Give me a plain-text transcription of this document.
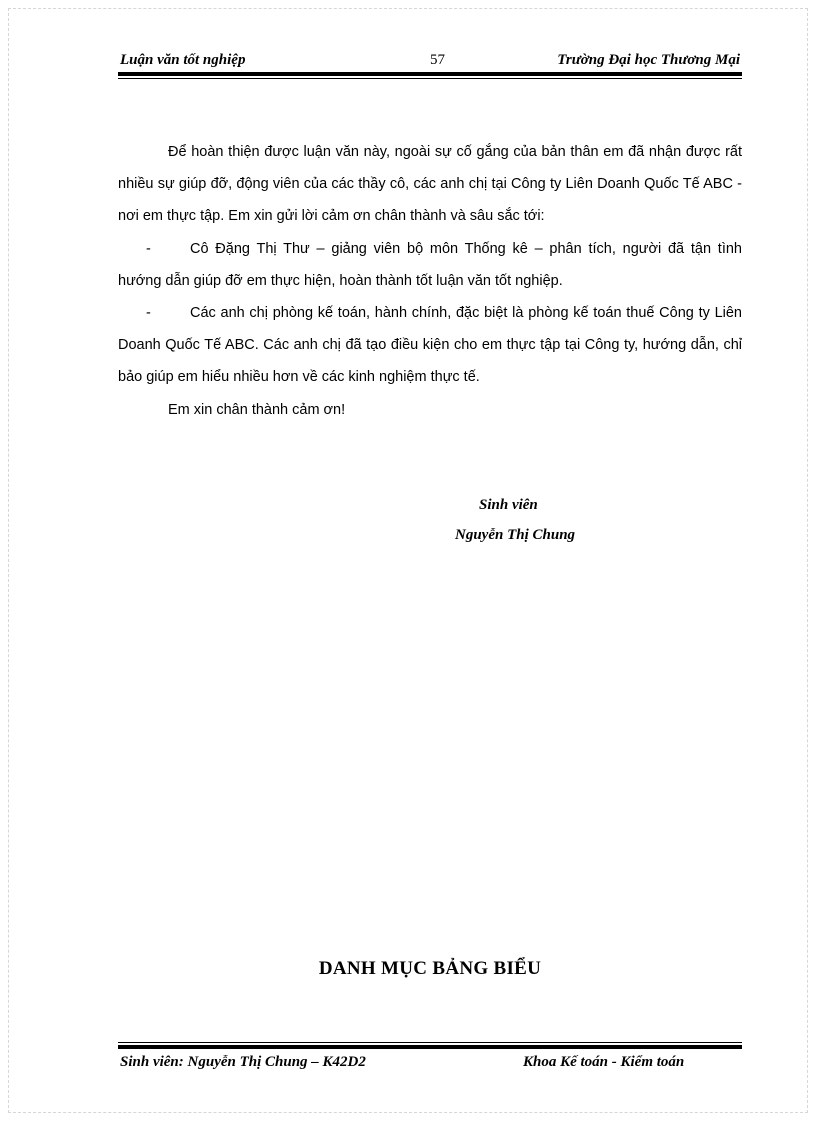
Luận văn tốt nghiệp	57	Trường Đại học Thương Mại

Để hoàn thiện được luận văn này, ngoài sự cố gắng của bản thân em đã nhận được rất nhiều sự giúp đỡ, động viên của các thầy cô, các anh chị tại Công ty Liên Doanh Quốc Tế ABC - nơi em thực tập. Em xin gửi lời cảm ơn chân thành và sâu sắc tới:

-	Cô Đặng Thị Thư – giảng viên bộ môn Thống kê – phân tích, người đã tận tình hướng dẫn giúp đỡ em thực hiện, hoàn thành tốt luận văn tốt nghiệp.

-	Các anh chị phòng kế toán, hành chính, đặc biệt là phòng kế toán thuế Công ty Liên Doanh Quốc Tế ABC. Các anh chị đã tạo điều kiện cho em thực tập tại Công ty, hướng dẫn, chỉ bảo giúp em hiểu nhiều hơn về các kinh nghiệm thực tế.

Em xin chân thành cảm ơn!

Sinh viên
Nguyễn Thị Chung
DANH MỤC BẢNG BIỂU
Sinh viên: Nguyễn Thị Chung – K42D2	Khoa Kế toán - Kiểm toán
